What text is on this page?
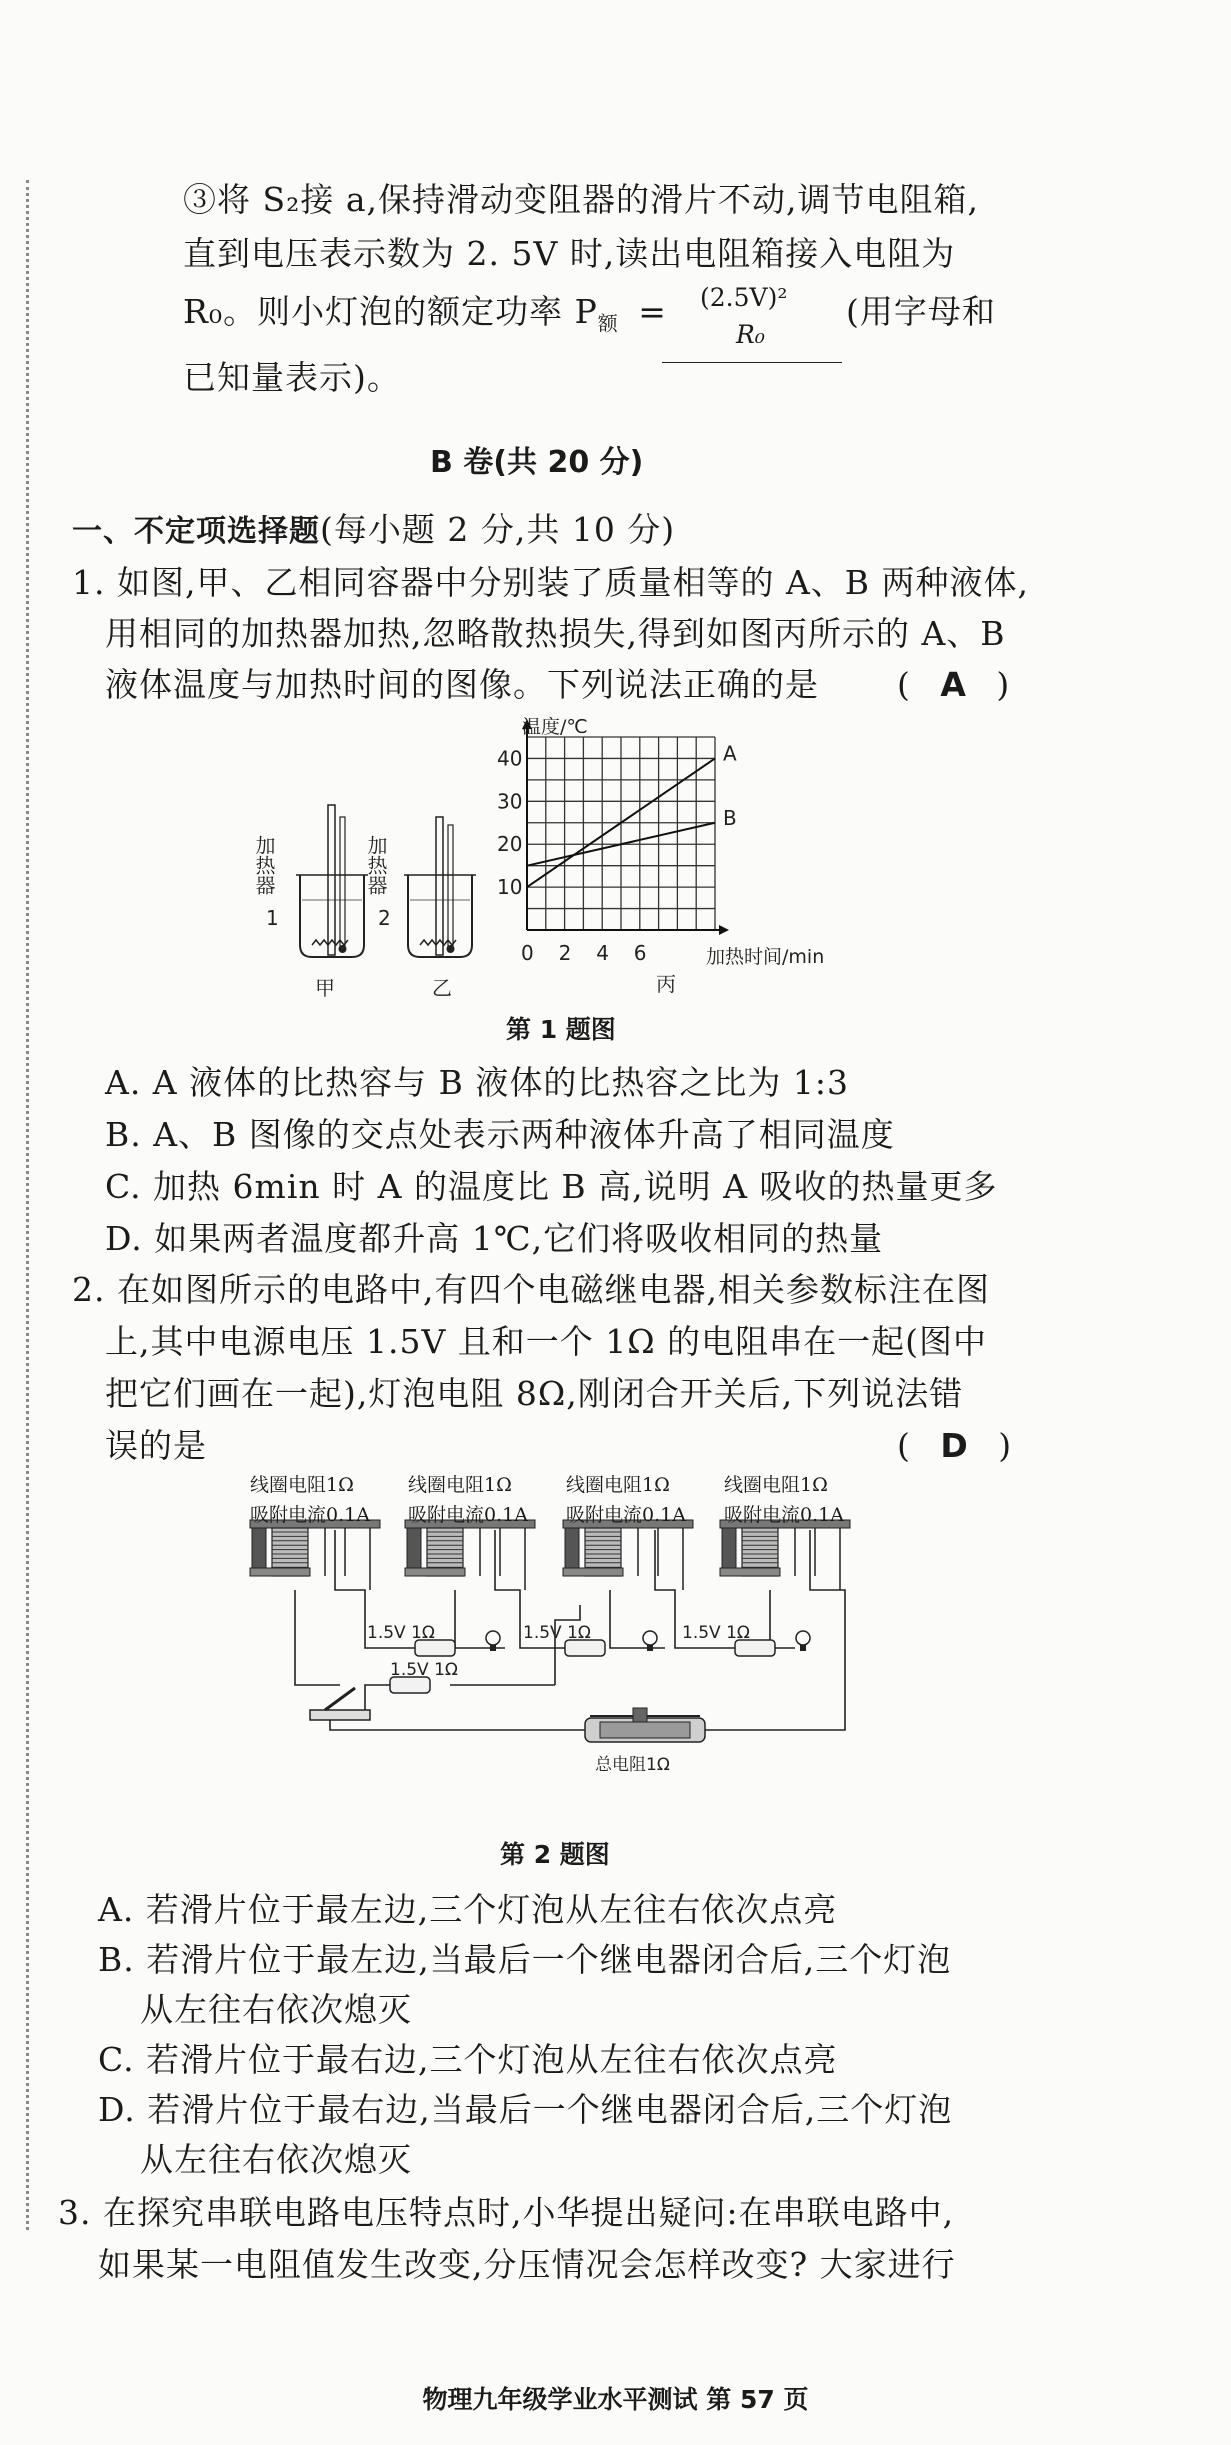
③将 S₂接 a,保持滑动变阻器的滑片不动,调节电阻箱,
直到电压表示数为 2. 5V 时,读出电阻箱接入电阻为
R₀。则小灯泡的额定功率 $P_额 = (2.5V)^2$
R₀
(用字母和
已知量表示)。
B 卷(共 20 分)
一、不定项选择题(每小题 2 分,共 10 分)
1. 如图,甲、乙相同容器中分别装了质量相等的 A、B 两种液体,
用相同的加热器加热,忽略散热损失,得到如图丙所示的 A、B
液体温度与加热时间的图像。下列说法正确的是 ( A )
加热器
1
加热器
2
甲	乙
0 2 4 6
10
20
30
40	A
B
温度/℃
加热时间/min
丙
第 1 题图
A. A 液体的比热容与 B 液体的比热容之比为 1:3
B. A、B 图像的交点处表示两种液体升高了相同温度
C. 加热 6min 时 A 的温度比 B 高,说明 A 吸收的热量更多
D. 如果两者温度都升高 1℃,它们将吸收相同的热量
2. 在如图所示的电路中,有四个电磁继电器,相关参数标注在图
上,其中电源电压 1.5V 且和一个 1Ω 的电阻串在一起(图中
把它们画在一起),灯泡电阻 8Ω,刚闭合开关后,下列说法错
误的是	( D )
1.5V 1Ω	1.5V 1Ω	1.5V 1Ω
1.5V 1Ω
总电阻1Ω
线圈电阻1Ω
吸附电流0.1A
线圈电阻1Ω
吸附电流0.1A
线圈电阻1Ω
吸附电流0.1A
线圈电阻1Ω
吸附电流0.1A
第 2 题图
A. 若滑片位于最左边,三个灯泡从左往右依次点亮
B. 若滑片位于最左边,当最后一个继电器闭合后,三个灯泡
从左往右依次熄灭
C. 若滑片位于最右边,三个灯泡从左往右依次点亮
D. 若滑片位于最右边,当最后一个继电器闭合后,三个灯泡
从左往右依次熄灭
3. 在探究串联电路电压特点时,小华提出疑问:在串联电路中,
如果某一电阻值发生改变,分压情况会怎样改变? 大家进行
物理九年级学业水平测试 第 57 页
